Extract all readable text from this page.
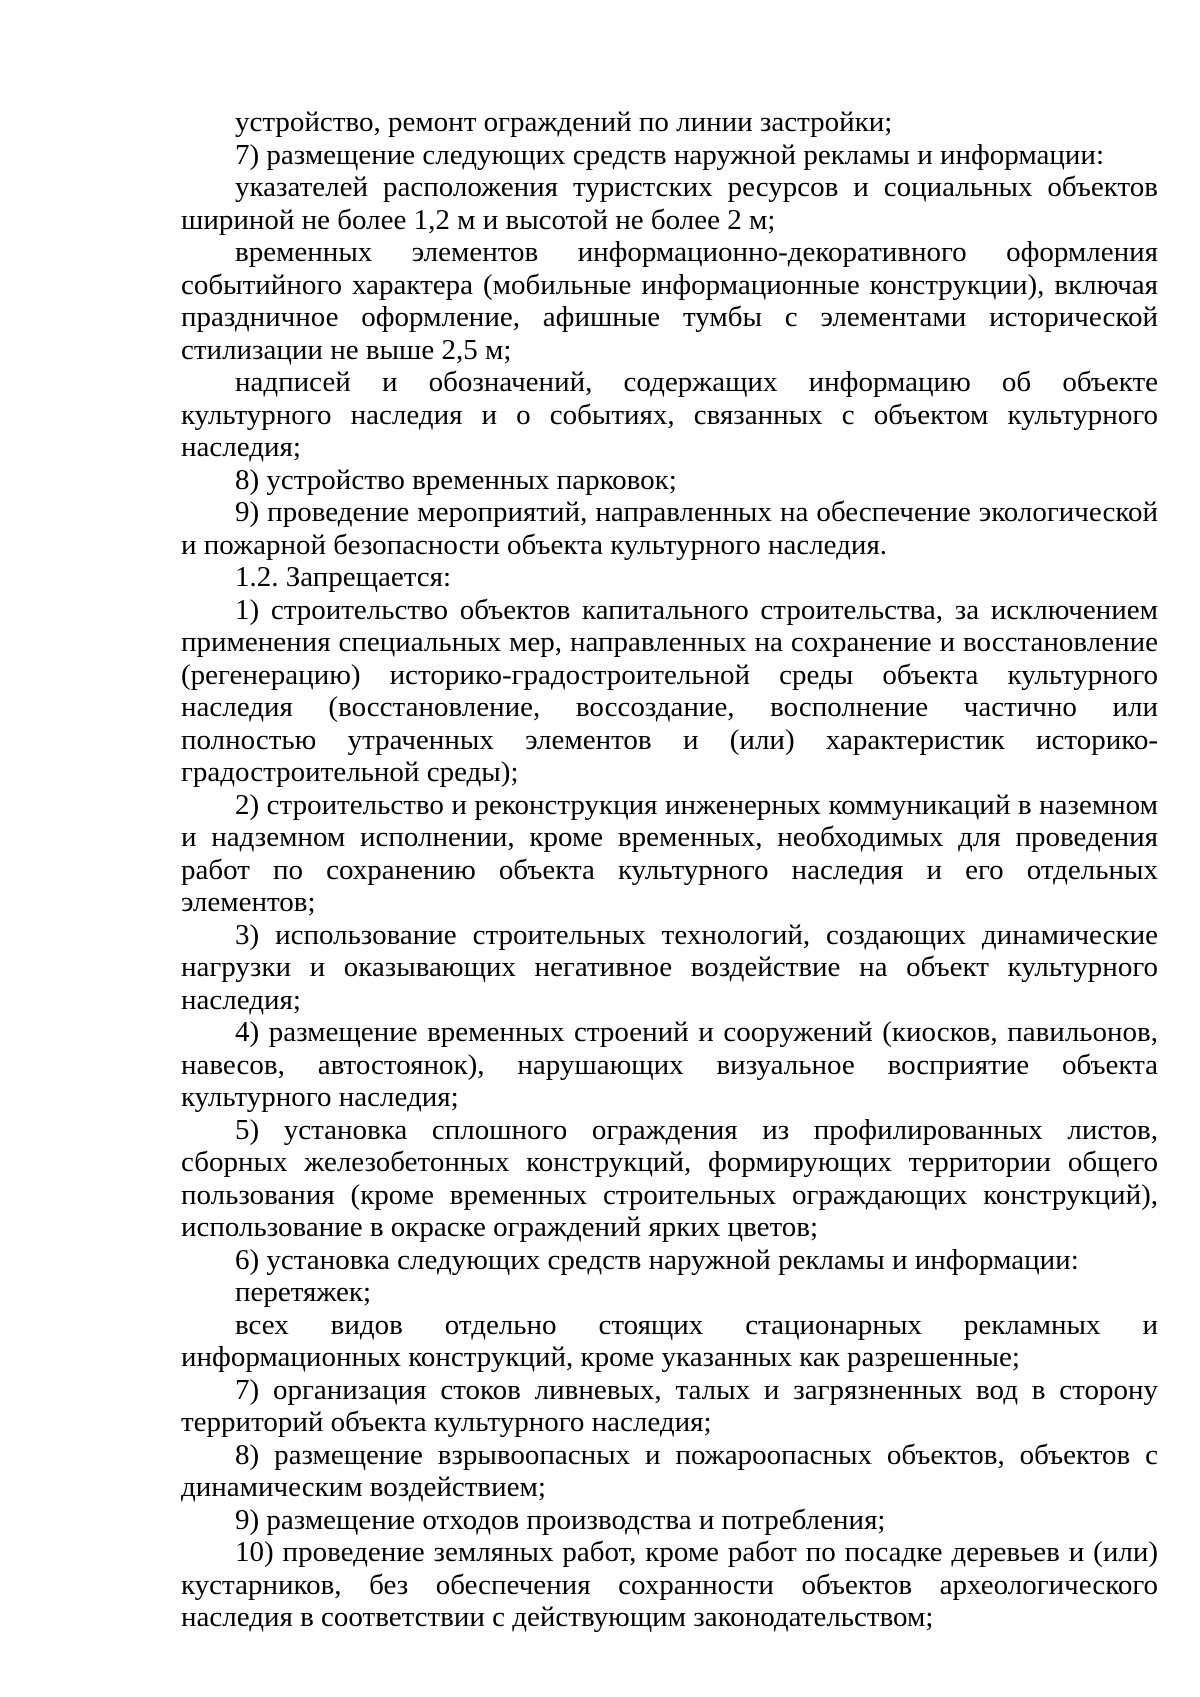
устройство, ремонт ограждений по линии застройки;

7) размещение следующих средств наружной рекламы и информации:

указателей расположения туристских ресурсов и социальных объектов шириной не более 1,2 м и высотой не более 2 м;

временных элементов информационно-декоративного оформления событийного характера (мобильные информационные конструкции), включая праздничное оформление, афишные тумбы с элементами исторической стилизации не выше 2,5 м;

надписей и обозначений, содержащих информацию об объекте культурного наследия и о событиях, связанных с объектом культурного наследия;

8) устройство временных парковок;

9) проведение мероприятий, направленных на обеспечение экологической и пожарной безопасности объекта культурного наследия.

1.2. Запрещается:

1) строительство объектов капитального строительства, за исключением применения специальных мер, направленных на сохранение и восстановление (регенерацию) историко-градостроительной среды объекта культурного наследия (восстановление, воссоздание, восполнение частично или полностью утраченных элементов и (или) характеристик историко-градостроительной среды);

2) строительство и реконструкция инженерных коммуникаций в наземном и надземном исполнении, кроме временных, необходимых для проведения работ по сохранению объекта культурного наследия и его отдельных элементов;

3) использование строительных технологий, создающих динамические нагрузки и оказывающих негативное воздействие на объект культурного наследия;

4) размещение временных строений и сооружений (киосков, павильонов, навесов, автостоянок), нарушающих визуальное восприятие объекта культурного наследия;

5) установка сплошного ограждения из профилированных листов, сборных железобетонных конструкций, формирующих территории общего пользования (кроме временных строительных ограждающих конструкций), использование в окраске ограждений ярких цветов;

6) установка следующих средств наружной рекламы и информации:

перетяжек;

всех видов отдельно стоящих стационарных рекламных и информационных конструкций, кроме указанных как разрешенные;

7) организация стоков ливневых, талых и загрязненных вод в сторону территорий объекта культурного наследия;

8) размещение взрывоопасных и пожароопасных объектов, объектов с динамическим воздействием;

9) размещение отходов производства и потребления;

10) проведение земляных работ, кроме работ по посадке деревьев и (или) кустарников, без обеспечения сохранности объектов археологического наследия в соответствии с действующим законодательством;
